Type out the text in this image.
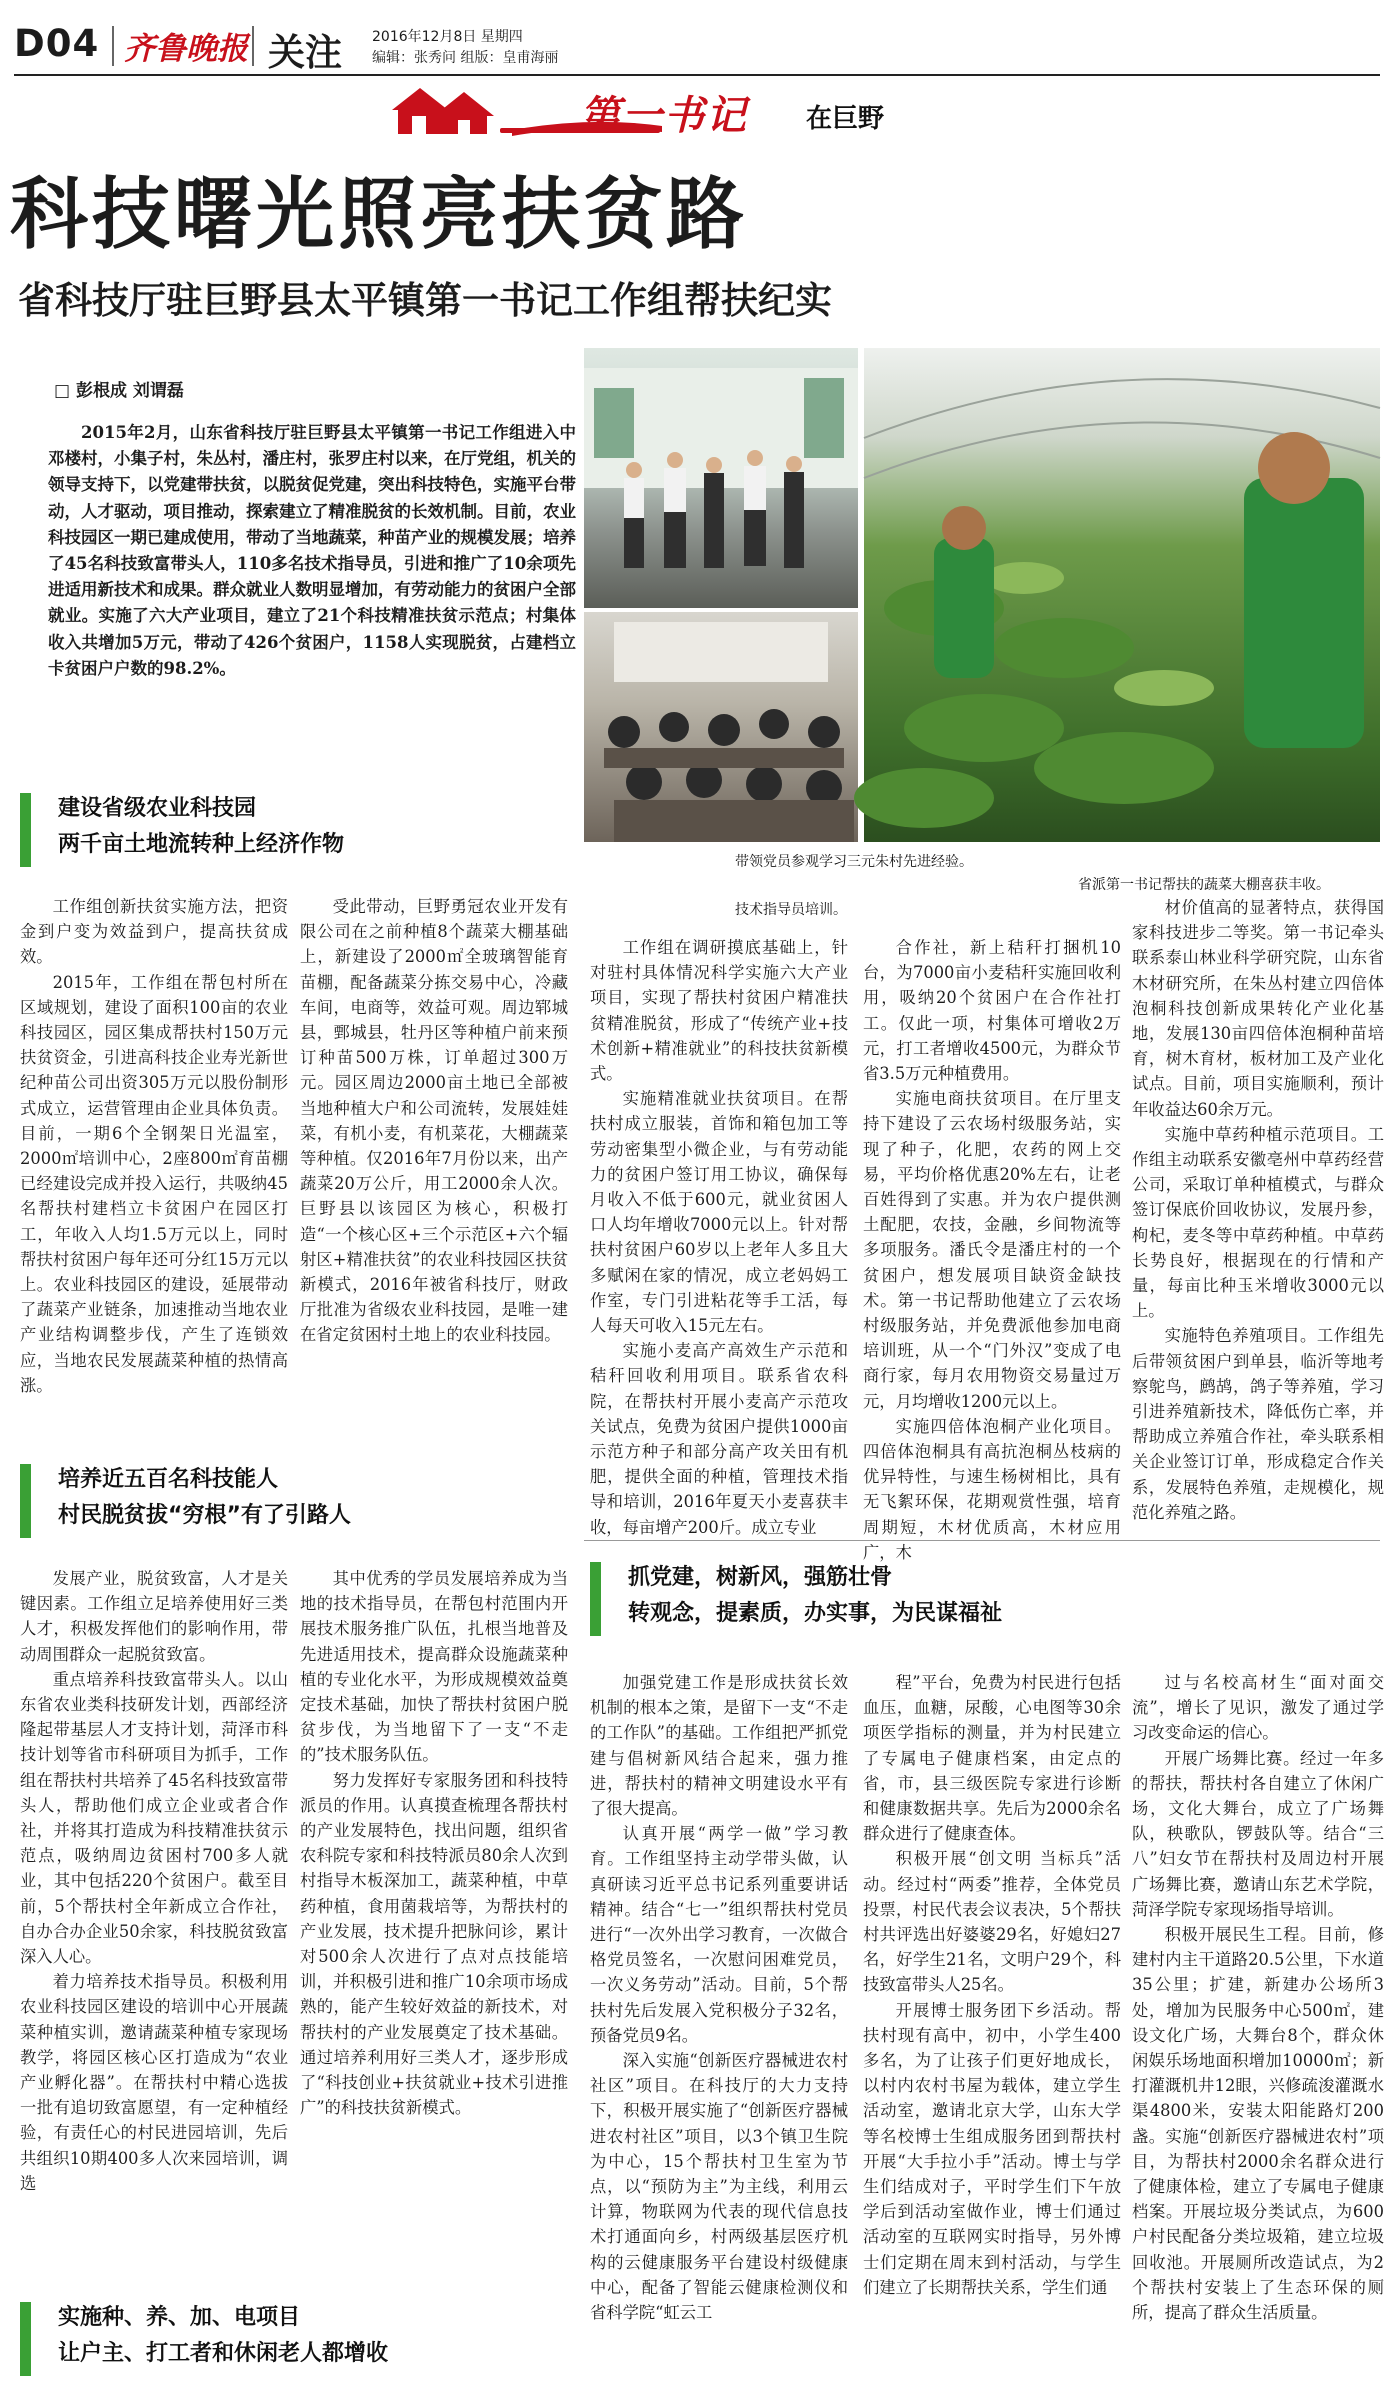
D04 齐鲁晚报 关注 2016年12月8日 星期四
编辑：张秀问 组版：皇甫海丽
第一书记 在巨野
科技曙光照亮扶贫路
省科技厅驻巨野县太平镇第一书记工作组帮扶纪实
□ 彭根成 刘谓磊

2015年2月，山东省科技厅驻巨野县太平镇第一书记工作组进入中邓楼村，小集子村，朱丛村，潘庄村，张罗庄村以来，在厅党组，机关的领导支持下，以党建带扶贫，以脱贫促党建，突出科技特色，实施平台带动，人才驱动，项目推动，探索建立了精准脱贫的长效机制。目前，农业科技园区一期已建成使用，带动了当地蔬菜，种苗产业的规模发展；培养了45名科技致富带头人，110多名技术指导员，引进和推广了10余项先进适用新技术和成果。群众就业人数明显增加，有劳动能力的贫困户全部就业。实施了六大产业项目，建立了21个科技精准扶贫示范点；村集体收入共增加5万元，带动了426个贫困户，1158人实现脱贫，占建档立卡贫困户户数的98.2%。

带领党员参观学习三元朱村先进经验。
技术指导员培训。
省派第一书记帮扶的蔬菜大棚喜获丰收。
建设省级农业科技园
两千亩土地流转种上经济作物

工作组创新扶贫实施方法，把资金到户变为效益到户，提高扶贫成效。

2015年，工作组在帮包村所在区域规划，建设了面积100亩的农业科技园区，园区集成帮扶村150万元扶贫资金，引进高科技企业寿光新世纪种苗公司出资305万元以股份制形式成立，运营管理由企业具体负责。目前，一期6个全钢架日光温室，2000㎡培训中心，2座800㎡育苗棚已经建设完成并投入运行，共吸纳45名帮扶村建档立卡贫困户在园区打工，年收入人均1.5万元以上，同时帮扶村贫困户每年还可分红15万元以上。农业科技园区的建设，延展带动了蔬菜产业链条，加速推动当地农业产业结构调整步伐，产生了连锁效应，当地农民发展蔬菜种植的热情高涨。

受此带动，巨野勇冠农业开发有限公司在之前种植8个蔬菜大棚基础上，新建设了2000㎡全玻璃智能育苗棚，配备蔬菜分拣交易中心，冷藏车间，电商等，效益可观。周边郓城县，鄄城县，牡丹区等种植户前来预订种苗500万株，订单超过300万元。园区周边2000亩土地已全部被当地种植大户和公司流转，发展娃娃菜，有机小麦，有机菜花，大棚蔬菜等种植。仅2016年7月份以来，出产蔬菜20万公斤，用工2000余人次。巨野县以该园区为核心，积极打造“一个核心区+三个示范区+六个辐射区+精准扶贫”的农业科技园区扶贫新模式，2016年被省科技厅，财政厅批准为省级农业科技园，是唯一建在省定贫困村土地上的农业科技园。

培养近五百名科技能人
村民脱贫拔“穷根”有了引路人

发展产业，脱贫致富，人才是关键因素。工作组立足培养使用好三类人才，积极发挥他们的影响作用，带动周围群众一起脱贫致富。

重点培养科技致富带头人。以山东省农业类科技研发计划，西部经济隆起带基层人才支持计划，菏泽市科技计划等省市科研项目为抓手，工作组在帮扶村共培养了45名科技致富带头人，帮助他们成立企业或者合作社，并将其打造成为科技精准扶贫示范点，吸纳周边贫困村700多人就业，其中包括220个贫困户。截至目前，5个帮扶村全年新成立合作社，自办合办企业50余家，科技脱贫致富深入人心。

着力培养技术指导员。积极利用农业科技园区建设的培训中心开展蔬菜种植实训，邀请蔬菜种植专家现场教学，将园区核心区打造成为“农业产业孵化器”。在帮扶村中精心选拔一批有追切致富愿望，有一定种植经验，有责任心的村民进园培训，先后共组织10期400多人次来园培训，调选

其中优秀的学员发展培养成为当地的技术指导员，在帮包村范围内开展技术服务推广队伍，扎根当地普及先进适用技术，提高群众设施蔬菜种植的专业化水平，为形成规模效益奠定技术基础，加快了帮扶村贫困户脱贫步伐，为当地留下了一支“不走的”技术服务队伍。

努力发挥好专家服务团和科技特派员的作用。认真摸查梳理各帮扶村的产业发展特色，找出问题，组织省农科院专家和科技特派员80余人次到村指导木板深加工，蔬菜种植，中草药种植，食用菌栽培等，为帮扶村的产业发展，技术提升把脉问诊，累计对500余人次进行了点对点技能培训，并积极引进和推广10余项市场成熟的，能产生较好效益的新技术，对帮扶村的产业发展奠定了技术基础。通过培养利用好三类人才，逐步形成了“科技创业+扶贫就业+技术引进推广”的科技扶贫新模式。

实施种、养、加、电项目
让户主、打工者和休闲老人都增收

工作组在调研摸底基础上，针对驻村具体情况科学实施六大产业项目，实现了帮扶村贫困户精准扶贫精准脱贫，形成了“传统产业+技术创新+精准就业”的科技扶贫新模式。

实施精准就业扶贫项目。在帮扶村成立服装，首饰和箱包加工等劳动密集型小微企业，与有劳动能力的贫困户签订用工协议，确保每月收入不低于600元，就业贫困人口人均年增收7000元以上。针对帮扶村贫困户60岁以上老年人多且大多赋闲在家的情况，成立老妈妈工作室，专门引进粘花等手工活，每人每天可收入15元左右。

实施小麦高产高效生产示范和秸秆回收利用项目。联系省农科院，在帮扶村开展小麦高产示范攻关试点，免费为贫困户提供1000亩示范方种子和部分高产攻关田有机肥，提供全面的种植，管理技术指导和培训，2016年夏天小麦喜获丰收，每亩增产200斤。成立专业

合作社，新上秸秆打捆机10台，为7000亩小麦秸秆实施回收利用，吸纳20个贫困户在合作社打工。仅此一项，村集体可增收2万元，打工者增收4500元，为群众节省3.5万元种植费用。

实施电商扶贫项目。在厅里支持下建设了云农场村级服务站，实现了种子，化肥，农药的网上交易，平均价格优惠20%左右，让老百姓得到了实惠。并为农户提供测土配肥，农技，金融，乡间物流等多项服务。潘氏令是潘庄村的一个贫困户，想发展项目缺资金缺技术。第一书记帮助他建立了云农场村级服务站，并免费派他参加电商培训班，从一个“门外汉”变成了电商行家，每月农用物资交易量过万元，月均增收1200元以上。

实施四倍体泡桐产业化项目。四倍体泡桐具有高抗泡桐丛枝病的优异特性，与速生杨树相比，具有无飞絮环保，花期观赏性强，培育周期短，木材优质高，木材应用广，木

材价值高的显著特点，获得国家科技进步二等奖。第一书记牵头联系泰山林业科学研究院，山东省木材研究所，在朱丛村建立四倍体泡桐科技创新成果转化产业化基地，发展130亩四倍体泡桐种苗培育，树木育材，板材加工及产业化试点。目前，项目实施顺利，预计年收益达60余万元。

实施中草药种植示范项目。工作组主动联系安徽亳州中草药经营公司，采取订单种植模式，与群众签订保底价回收协议，发展丹参，枸杞，麦冬等中草药种植。中草药长势良好，根据现在的行情和产量，每亩比种玉米增收3000元以上。

实施特色养殖项目。工作组先后带领贫困户到单县，临沂等地考察鸵鸟，鹧鸪，鸽子等养殖，学习引进养殖新技术，降低伤亡率，并帮助成立养殖合作社，牵头联系相关企业签订订单，形成稳定合作关系，发展特色养殖，走规模化，规范化养殖之路。

抓党建，树新风，强筋壮骨
转观念，提素质，办实事，为民谋福祉

加强党建工作是形成扶贫长效机制的根本之策，是留下一支“不走的工作队”的基础。工作组把严抓党建与倡树新风结合起来，强力推进，帮扶村的精神文明建设水平有了很大提高。

认真开展“两学一做”学习教育。工作组坚持主动学带头做，认真研读习近平总书记系列重要讲话精神。结合“七一”组织帮扶村党员进行“一次外出学习教育，一次做合格党员签名，一次慰问困难党员，一次义务劳动”活动。目前，5个帮扶村先后发展入党积极分子32名，预备党员9名。

深入实施“创新医疗器械进农村社区”项目。在科技厅的大力支持下，积极开展实施了“创新医疗器械进农村社区”项目，以3个镇卫生院为中心，15个帮扶村卫生室为节点，以“预防为主”为主线，利用云计算，物联网为代表的现代信息技术打通面向乡，村两级基层医疗机构的云健康服务平台建设村级健康中心，配备了智能云健康检测仪和省科学院“虹云工

程”平台，免费为村民进行包括血压，血糖，尿酸，心电图等30余项医学指标的测量，并为村民建立了专属电子健康档案，由定点的省，市，县三级医院专家进行诊断和健康数据共享。先后为2000余名群众进行了健康查体。

积极开展“创文明 当标兵”活动。经过村“两委”推荐，全体党员投票，村民代表会议表决，5个帮扶村共评选出好婆婆29名，好媳妇27名，好学生21名，文明户29个，科技致富带头人25名。

开展博士服务团下乡活动。帮扶村现有高中，初中，小学生400多名，为了让孩子们更好地成长，以村内农村书屋为载体，建立学生活动室，邀请北京大学，山东大学等名校博士生组成服务团到帮扶村开展“大手拉小手”活动。博士与学生们结成对子，平时学生们下午放学后到活动室做作业，博士们通过活动室的互联网实时指导，另外博士们定期在周末到村活动，与学生们建立了长期帮扶关系，学生们通

过与名校高材生“面对面交流”，增长了见识，激发了通过学习改变命运的信心。

开展广场舞比赛。经过一年多的帮扶，帮扶村各自建立了休闲广场，文化大舞台，成立了广场舞队，秧歌队，锣鼓队等。结合“三八”妇女节在帮扶村及周边村开展广场舞比赛，邀请山东艺术学院，菏泽学院专家现场指导培训。

积极开展民生工程。目前，修建村内主干道路20.5公里，下水道35公里；扩建，新建办公场所3处，增加为民服务中心500㎡，建设文化广场，大舞台8个，群众休闲娱乐场地面积增加10000㎡；新打灌溉机井12眼，兴修疏浚灌溉水渠4800米，安装太阳能路灯200盏。实施“创新医疗器械进农村”项目，为帮扶村2000余名群众进行了健康体检，建立了专属电子健康档案。开展垃圾分类试点，为600户村民配备分类垃圾箱，建立垃圾回收池。开展厕所改造试点，为2个帮扶村安装上了生态环保的厕所，提高了群众生活质量。
